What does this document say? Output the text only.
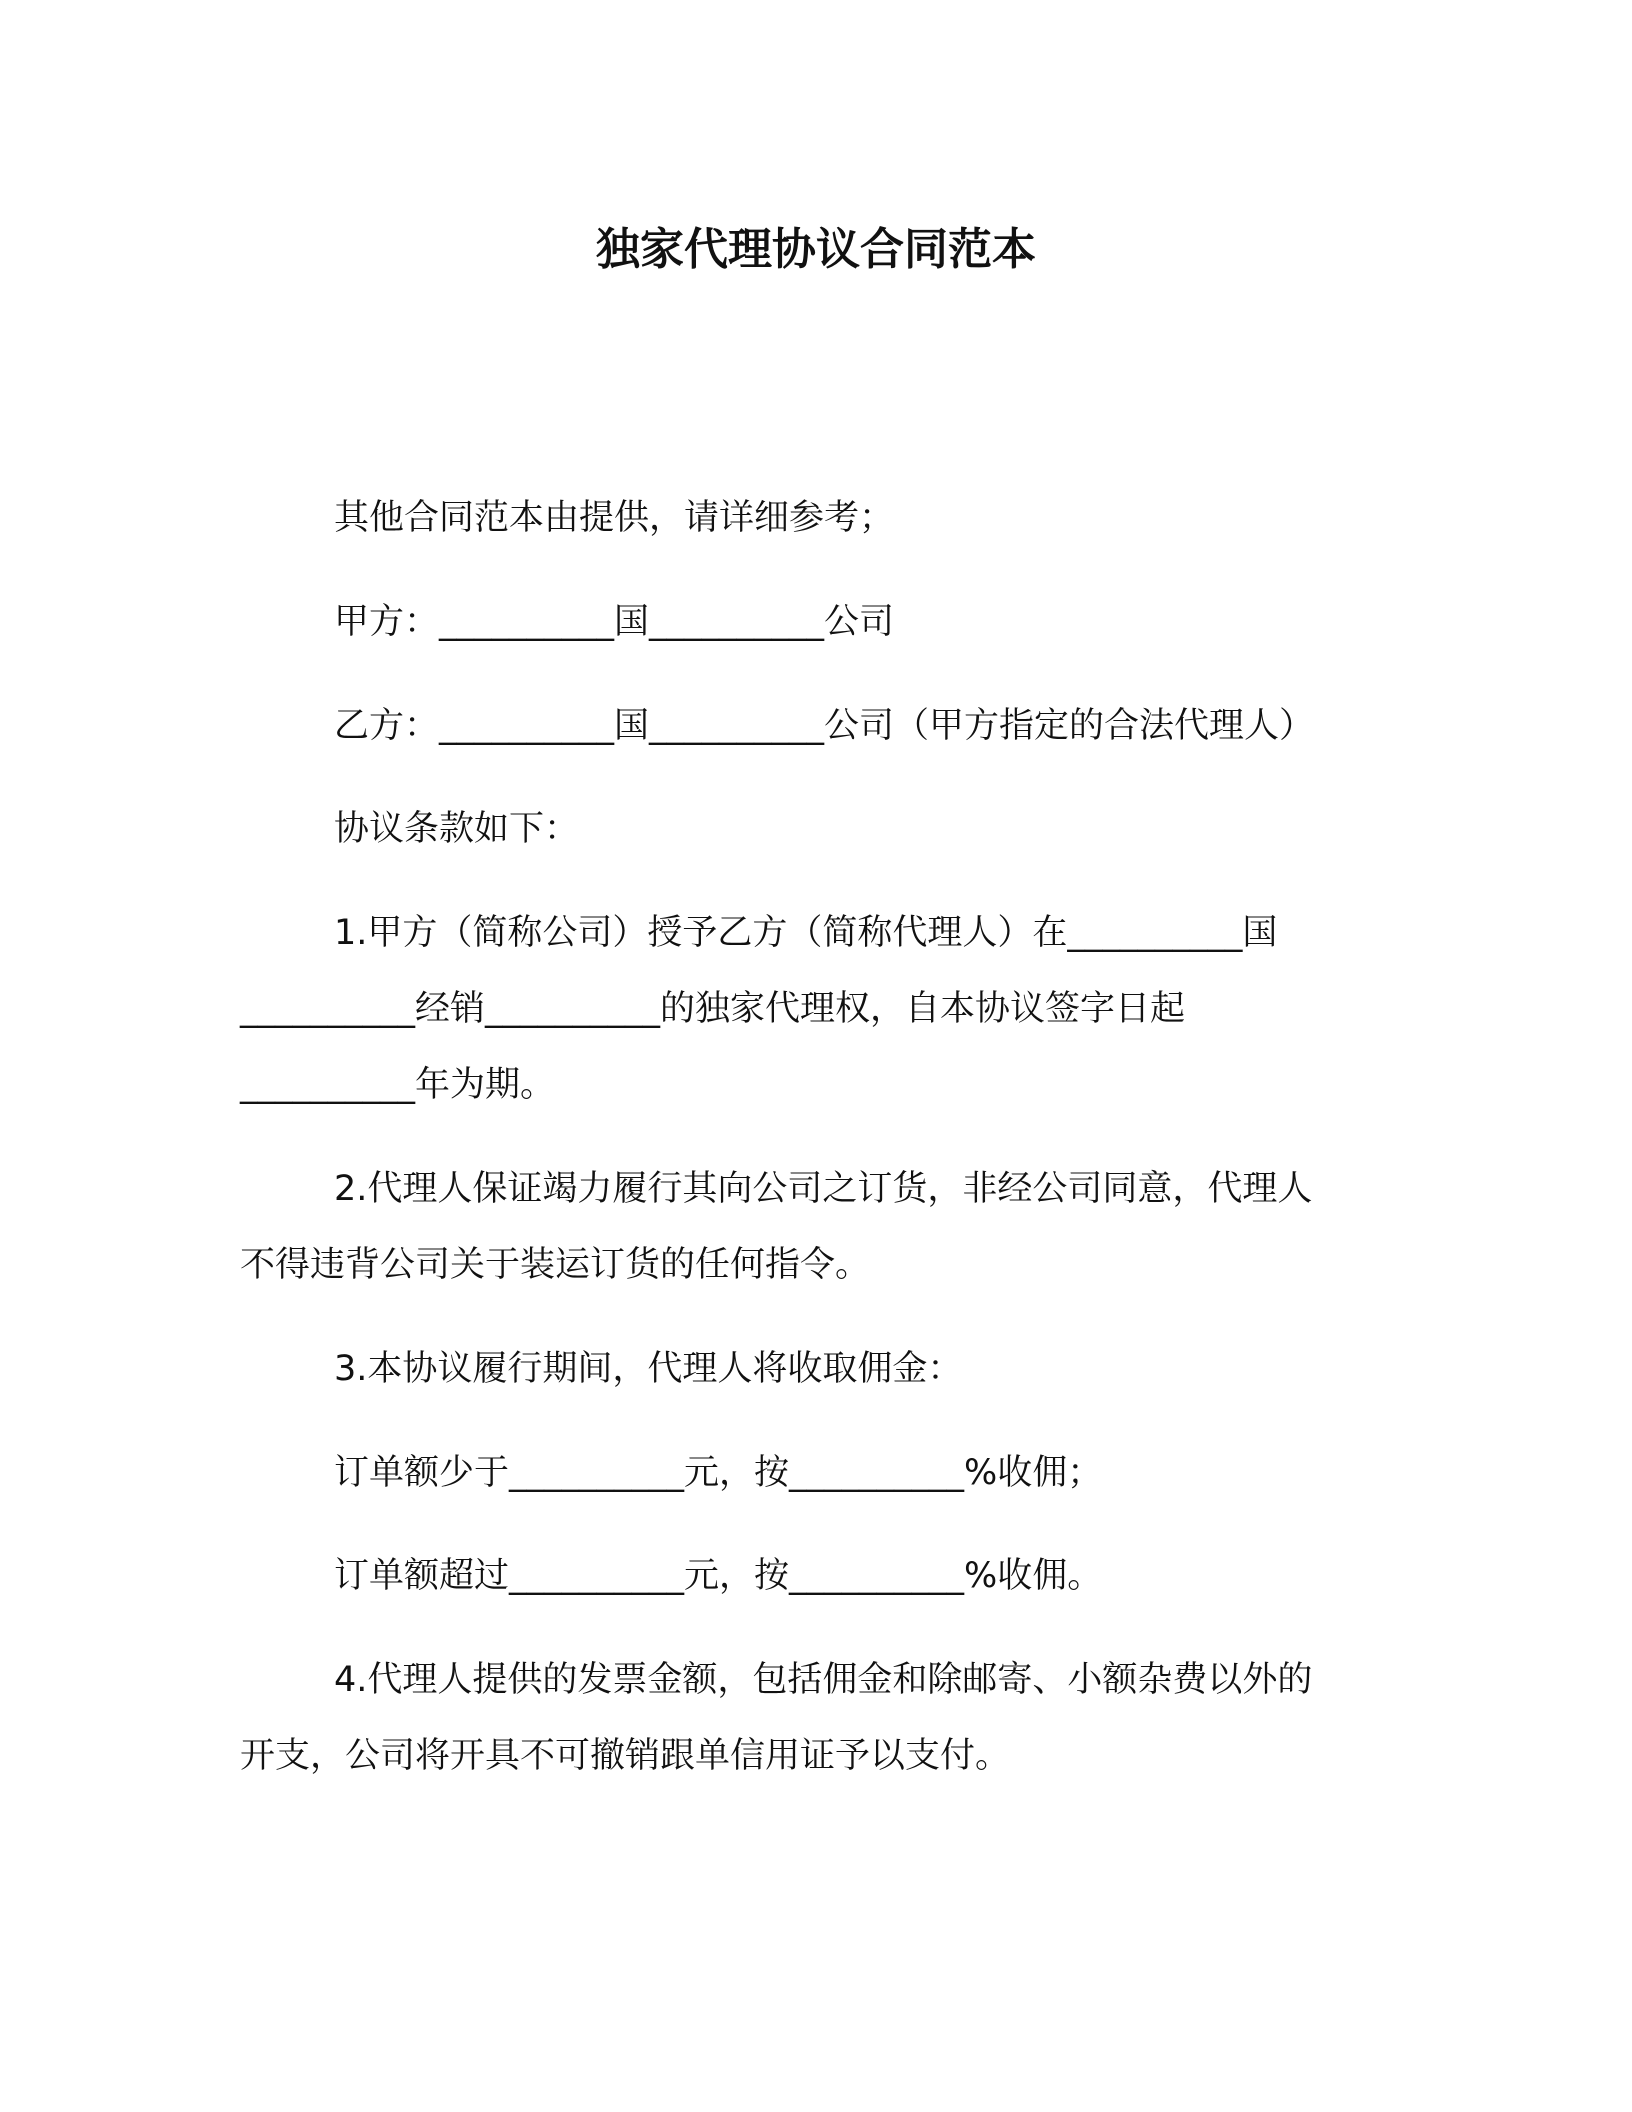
独家代理协议合同范本
其他合同范本由提供，请详细参考；
甲方：__________国__________公司
乙方：__________国__________公司（甲方指定的合法代理人）
协议条款如下：
1.甲方（简称公司）授予乙方（简称代理人）在__________国
__________经销__________的独家代理权，自本协议签字日起
__________年为期。
2.代理人保证竭力履行其向公司之订货，非经公司同意，代理人
不得违背公司关于装运订货的任何指令。
3.本协议履行期间，代理人将收取佣金：
订单额少于__________元，按__________%收佣；
订单额超过__________元，按__________%收佣。
4.代理人提供的发票金额，包括佣金和除邮寄、小额杂费以外的
开支，公司将开具不可撤销跟单信用证予以支付。
